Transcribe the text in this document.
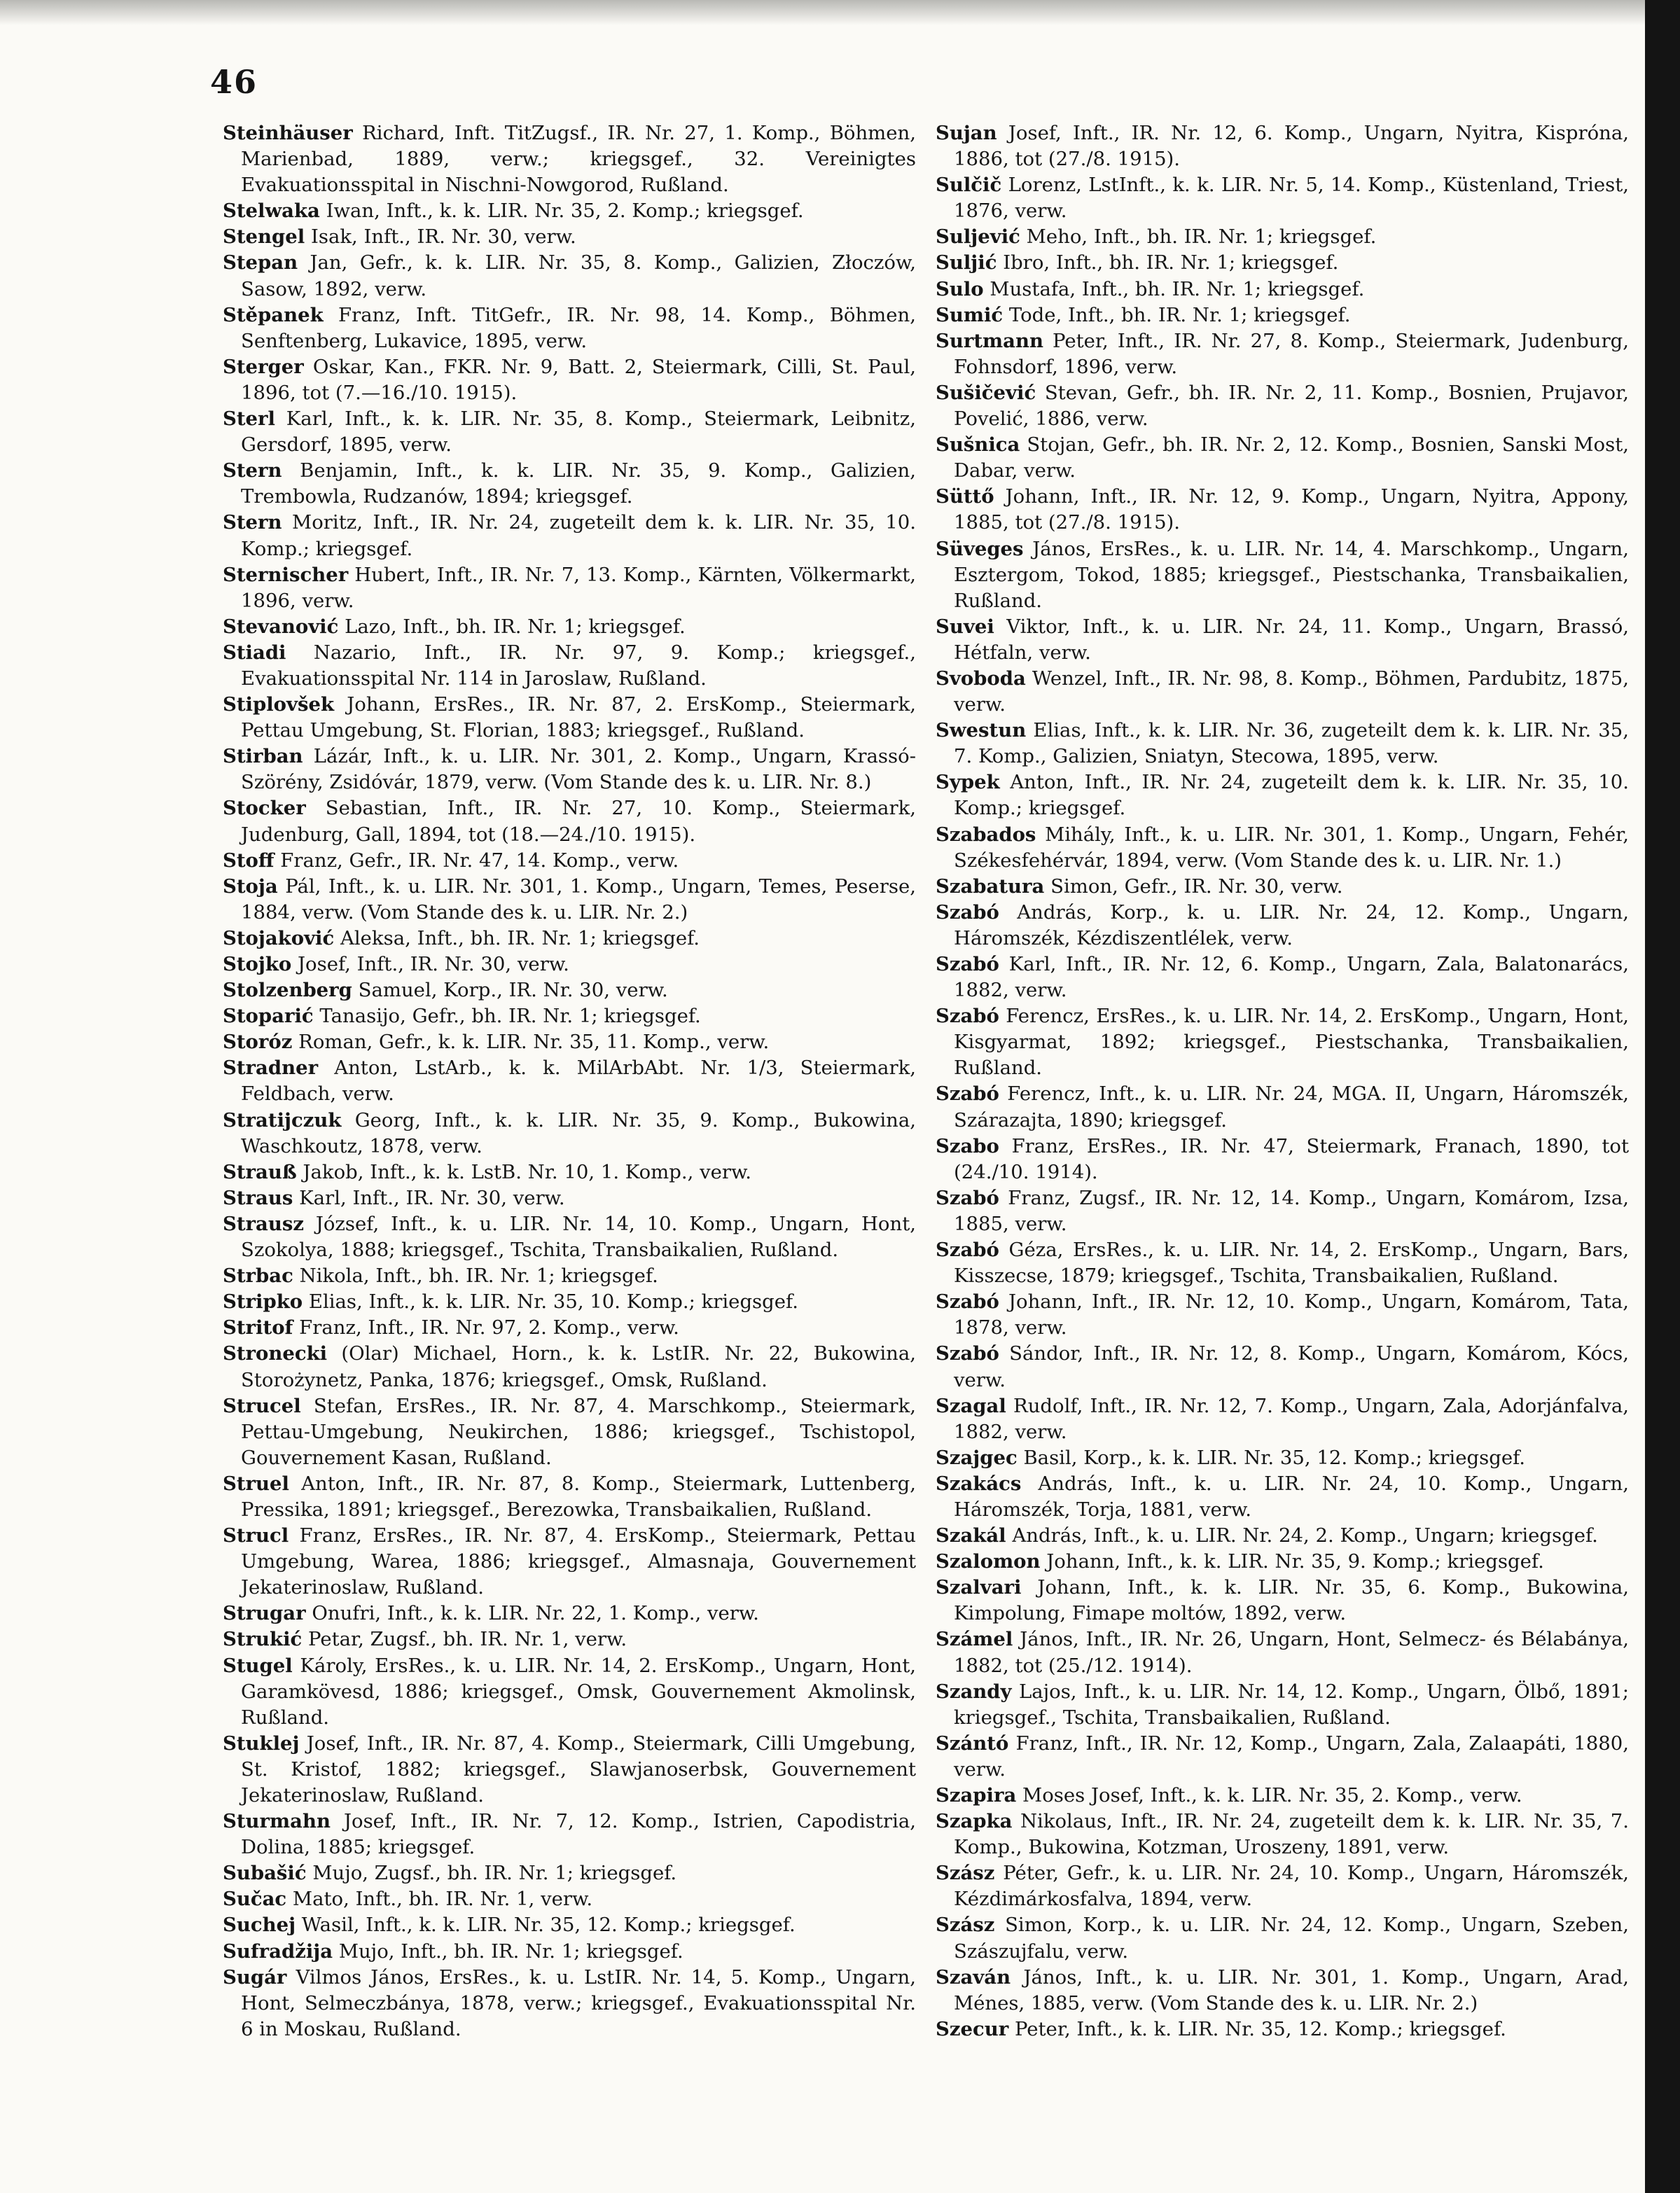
46

Steinhäuser Richard, Inft. TitZugsf., IR. Nr. 27, 1. Komp., Böhmen, Marienbad, 1889, verw.; kriegsgef., 32. Vereinigtes Evakuationsspital in Nischni-Nowgorod, Rußland.

Stelwaka Iwan, Inft., k. k. LIR. Nr. 35, 2. Komp.; kriegsgef.

Stengel Isak, Inft., IR. Nr. 30, verw.

Stepan Jan, Gefr., k. k. LIR. Nr. 35, 8. Komp., Galizien, Złoczów, Sasow, 1892, verw.

Stěpanek Franz, Inft. TitGefr., IR. Nr. 98, 14. Komp., Böhmen, Senftenberg, Lukavice, 1895, verw.

Sterger Oskar, Kan., FKR. Nr. 9, Batt. 2, Steiermark, Cilli, St. Paul, 1896, tot (7.—16./10. 1915).

Sterl Karl, Inft., k. k. LIR. Nr. 35, 8. Komp., Steiermark, Leibnitz, Gersdorf, 1895, verw.

Stern Benjamin, Inft., k. k. LIR. Nr. 35, 9. Komp., Galizien, Trembowla, Rudzanów, 1894; kriegsgef.

Stern Moritz, Inft., IR. Nr. 24, zugeteilt dem k. k. LIR. Nr. 35, 10. Komp.; kriegsgef.

Sternischer Hubert, Inft., IR. Nr. 7, 13. Komp., Kärnten, Völkermarkt, 1896, verw.

Stevanović Lazo, Inft., bh. IR. Nr. 1; kriegsgef.

Stiadi Nazario, Inft., IR. Nr. 97, 9. Komp.; kriegsgef., Evakuationsspital Nr. 114 in Jaroslaw, Rußland.

Stiplovšek Johann, ErsRes., IR. Nr. 87, 2. ErsKomp., Steiermark, Pettau Umgebung, St. Florian, 1883; kriegsgef., Rußland.

Stirban Lázár, Inft., k. u. LIR. Nr. 301, 2. Komp., Ungarn, Krassó-Szörény, Zsidóvár, 1879, verw. (Vom Stande des k. u. LIR. Nr. 8.)

Stocker Sebastian, Inft., IR. Nr. 27, 10. Komp., Steiermark, Judenburg, Gall, 1894, tot (18.—24./10. 1915).

Stoff Franz, Gefr., IR. Nr. 47, 14. Komp., verw.

Stoja Pál, Inft., k. u. LIR. Nr. 301, 1. Komp., Ungarn, Temes, Peserse, 1884, verw. (Vom Stande des k. u. LIR. Nr. 2.)

Stojaković Aleksa, Inft., bh. IR. Nr. 1; kriegsgef.

Stojko Josef, Inft., IR. Nr. 30, verw.

Stolzenberg Samuel, Korp., IR. Nr. 30, verw.

Stoparić Tanasijo, Gefr., bh. IR. Nr. 1; kriegsgef.

Storóz Roman, Gefr., k. k. LIR. Nr. 35, 11. Komp., verw.

Stradner Anton, LstArb., k. k. MilArbAbt. Nr. 1/3, Steiermark, Feldbach, verw.

Stratijczuk Georg, Inft., k. k. LIR. Nr. 35, 9. Komp., Bukowina, Waschkoutz, 1878, verw.

Strauß Jakob, Inft., k. k. LstB. Nr. 10, 1. Komp., verw.

Straus Karl, Inft., IR. Nr. 30, verw.

Strausz József, Inft., k. u. LIR. Nr. 14, 10. Komp., Ungarn, Hont, Szokolya, 1888; kriegsgef., Tschita, Transbaikalien, Rußland.

Strbac Nikola, Inft., bh. IR. Nr. 1; kriegsgef.

Stripko Elias, Inft., k. k. LIR. Nr. 35, 10. Komp.; kriegsgef.

Stritof Franz, Inft., IR. Nr. 97, 2. Komp., verw.

Stronecki (Olar) Michael, Horn., k. k. LstIR. Nr. 22, Bukowina, Storożynetz, Panka, 1876; kriegsgef., Omsk, Rußland.

Strucel Stefan, ErsRes., IR. Nr. 87, 4. Marschkomp., Steiermark, Pettau-Umgebung, Neukirchen, 1886; kriegsgef., Tschistopol, Gouvernement Kasan, Rußland.

Struel Anton, Inft., IR. Nr. 87, 8. Komp., Steiermark, Luttenberg, Pressika, 1891; kriegsgef., Berezowka, Transbaikalien, Rußland.

Strucl Franz, ErsRes., IR. Nr. 87, 4. ErsKomp., Steiermark, Pettau Umgebung, Warea, 1886; kriegsgef., Almasnaja, Gouvernement Jekaterinoslaw, Rußland.

Strugar Onufri, Inft., k. k. LIR. Nr. 22, 1. Komp., verw.

Strukić Petar, Zugsf., bh. IR. Nr. 1, verw.

Stugel Károly, ErsRes., k. u. LIR. Nr. 14, 2. ErsKomp., Ungarn, Hont, Garamkövesd, 1886; kriegsgef., Omsk, Gouvernement Akmolinsk, Rußland.

Stuklej Josef, Inft., IR. Nr. 87, 4. Komp., Steiermark, Cilli Umgebung, St. Kristof, 1882; kriegsgef., Slawjanoserbsk, Gouvernement Jekaterinoslaw, Rußland.

Sturmahn Josef, Inft., IR. Nr. 7, 12. Komp., Istrien, Capodistria, Dolina, 1885; kriegsgef.

Subašić Mujo, Zugsf., bh. IR. Nr. 1; kriegsgef.

Sučac Mato, Inft., bh. IR. Nr. 1, verw.

Suchej Wasil, Inft., k. k. LIR. Nr. 35, 12. Komp.; kriegsgef.

Sufradžija Mujo, Inft., bh. IR. Nr. 1; kriegsgef.

Sugár Vilmos János, ErsRes., k. u. LstIR. Nr. 14, 5. Komp., Ungarn, Hont, Selmeczbánya, 1878, verw.; kriegsgef., Evakuationsspital Nr. 6 in Moskau, Rußland.

Sujan Josef, Inft., IR. Nr. 12, 6. Komp., Ungarn, Nyitra, Kisprónа, 1886, tot (27./8. 1915).

Sulčič Lorenz, LstInft., k. k. LIR. Nr. 5, 14. Komp., Küstenland, Triest, 1876, verw.

Suljević Meho, Inft., bh. IR. Nr. 1; kriegsgef.

Suljić Ibro, Inft., bh. IR. Nr. 1; kriegsgef.

Sulo Mustafa, Inft., bh. IR. Nr. 1; kriegsgef.

Sumić Tode, Inft., bh. IR. Nr. 1; kriegsgef.

Surtmann Peter, Inft., IR. Nr. 27, 8. Komp., Steiermark, Judenburg, Fohnsdorf, 1896, verw.

Sušičević Stevan, Gefr., bh. IR. Nr. 2, 11. Komp., Bosnien, Prujavor, Povelić, 1886, verw.

Sušnica Stojan, Gefr., bh. IR. Nr. 2, 12. Komp., Bosnien, Sanski Most, Dabar, verw.

Süttő Johann, Inft., IR. Nr. 12, 9. Komp., Ungarn, Nyitra, Appony, 1885, tot (27./8. 1915).

Süveges János, ErsRes., k. u. LIR. Nr. 14, 4. Marschkomp., Ungarn, Esztergom, Tokod, 1885; kriegsgef., Piestschanka, Transbaikalien, Rußland.

Suvei Viktor, Inft., k. u. LIR. Nr. 24, 11. Komp., Ungarn, Brassó, Hétfaln, verw.

Svoboda Wenzel, Inft., IR. Nr. 98, 8. Komp., Böhmen, Pardubitz, 1875, verw.

Swestun Elias, Inft., k. k. LIR. Nr. 36, zugeteilt dem k. k. LIR. Nr. 35, 7. Komp., Galizien, Sniatyn, Stecowa, 1895, verw.

Sypek Anton, Inft., IR. Nr. 24, zugeteilt dem k. k. LIR. Nr. 35, 10. Komp.; kriegsgef.

Szabados Mihály, Inft., k. u. LIR. Nr. 301, 1. Komp., Ungarn, Fehér, Székesfehérvár, 1894, verw. (Vom Stande des k. u. LIR. Nr. 1.)

Szabatura Simon, Gefr., IR. Nr. 30, verw.

Szabó András, Korp., k. u. LIR. Nr. 24, 12. Komp., Ungarn, Háromszék, Kézdiszentlélek, verw.

Szabó Karl, Inft., IR. Nr. 12, 6. Komp., Ungarn, Zala, Balatonarács, 1882, verw.

Szabó Ferencz, ErsRes., k. u. LIR. Nr. 14, 2. ErsKomp., Ungarn, Hont, Kisgyarmat, 1892; kriegsgef., Piestschanka, Transbaikalien, Rußland.

Szabó Ferencz, Inft., k. u. LIR. Nr. 24, MGA. II, Ungarn, Háromszék, Szárazajta, 1890; kriegsgef.

Szabo Franz, ErsRes., IR. Nr. 47, Steiermark, Franach, 1890, tot (24./10. 1914).

Szabó Franz, Zugsf., IR. Nr. 12, 14. Komp., Ungarn, Komárom, Izsa, 1885, verw.

Szabó Géza, ErsRes., k. u. LIR. Nr. 14, 2. ErsKomp., Ungarn, Bars, Kisszecse, 1879; kriegsgef., Tschita, Transbaikalien, Rußland.

Szabó Johann, Inft., IR. Nr. 12, 10. Komp., Ungarn, Komárom, Tata, 1878, verw.

Szabó Sándor, Inft., IR. Nr. 12, 8. Komp., Ungarn, Komárom, Kócs, verw.

Szagal Rudolf, Inft., IR. Nr. 12, 7. Komp., Ungarn, Zala, Adorjánfalva, 1882, verw.

Szajgec Basil, Korp., k. k. LIR. Nr. 35, 12. Komp.; kriegsgef.

Szakács András, Inft., k. u. LIR. Nr. 24, 10. Komp., Ungarn, Háromszék, Torja, 1881, verw.

Szakál András, Inft., k. u. LIR. Nr. 24, 2. Komp., Ungarn; kriegsgef.

Szalomon Johann, Inft., k. k. LIR. Nr. 35, 9. Komp.; kriegsgef.

Szalvari Johann, Inft., k. k. LIR. Nr. 35, 6. Komp., Bukowina, Kimpolung, Fimape moltów, 1892, verw.

Számel János, Inft., IR. Nr. 26, Ungarn, Hont, Selmecz- és Bélabánya, 1882, tot (25./12. 1914).

Szandy Lajos, Inft., k. u. LIR. Nr. 14, 12. Komp., Ungarn, Ölbő, 1891; kriegsgef., Tschita, Transbaikalien, Rußland.

Szántó Franz, Inft., IR. Nr. 12, Komp., Ungarn, Zala, Zalaapáti, 1880, verw.

Szapira Moses Josef, Inft., k. k. LIR. Nr. 35, 2. Komp., verw.

Szapka Nikolaus, Inft., IR. Nr. 24, zugeteilt dem k. k. LIR. Nr. 35, 7. Komp., Bukowina, Kotzman, Uroszeny, 1891, verw.

Szász Péter, Gefr., k. u. LIR. Nr. 24, 10. Komp., Ungarn, Háromszék, Kézdimárkosfalva, 1894, verw.

Szász Simon, Korp., k. u. LIR. Nr. 24, 12. Komp., Ungarn, Szeben, Szászujfalu, verw.

Szaván János, Inft., k. u. LIR. Nr. 301, 1. Komp., Ungarn, Arad, Ménes, 1885, verw. (Vom Stande des k. u. LIR. Nr. 2.)

Szecur Peter, Inft., k. k. LIR. Nr. 35, 12. Komp.; kriegsgef.
